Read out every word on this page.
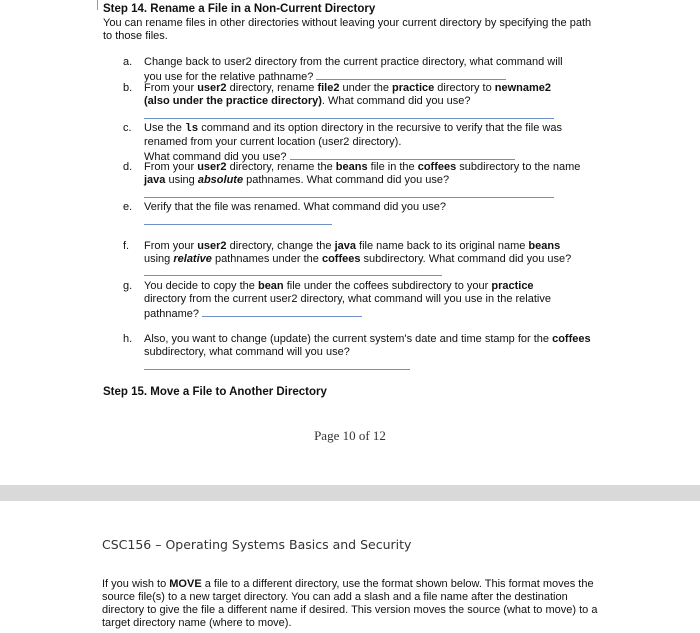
Step 14. Rename a File in a Non-Current Directory
You can rename files in other directories without leaving your current directory by specifying the path to those files.
a. Change back to user2 directory from the current practice directory, what command will
you use for the relative pathname?
b. From your user2 directory, rename file2 under the practice directory to newname2
(also under the practice directory). What command did you use?
c. Use the ls command and its option directory in the recursive to verify that the file was renamed from your current location (user2 directory).
What command did you use?
d. From your user2 directory, rename the beans file in the coffees subdirectory to the name java using absolute pathnames. What command did you use?
e. Verify that the file was renamed. What command did you use?
f. From your user2 directory, change the java file name back to its original name beans
using relative pathnames under the coffees subdirectory. What command did you use?
g. You decide to copy the bean file under the coffees subdirectory to your practice
directory from the current user2 directory, what command will you use in the relative
pathname?
h. Also, you want to change (update) the current system's date and time stamp for the coffees subdirectory, what command will you use?
Step 15. Move a File to Another Directory
Page 10 of 12
CSC156 – Operating Systems Basics and Security
If you wish to MOVE a file to a different directory, use the format shown below. This format moves the source file(s) to a new target directory. You can add a slash and a file name after the destination directory to give the file a different name if desired. This version moves the source (what to move) to a target directory name (where to move).
